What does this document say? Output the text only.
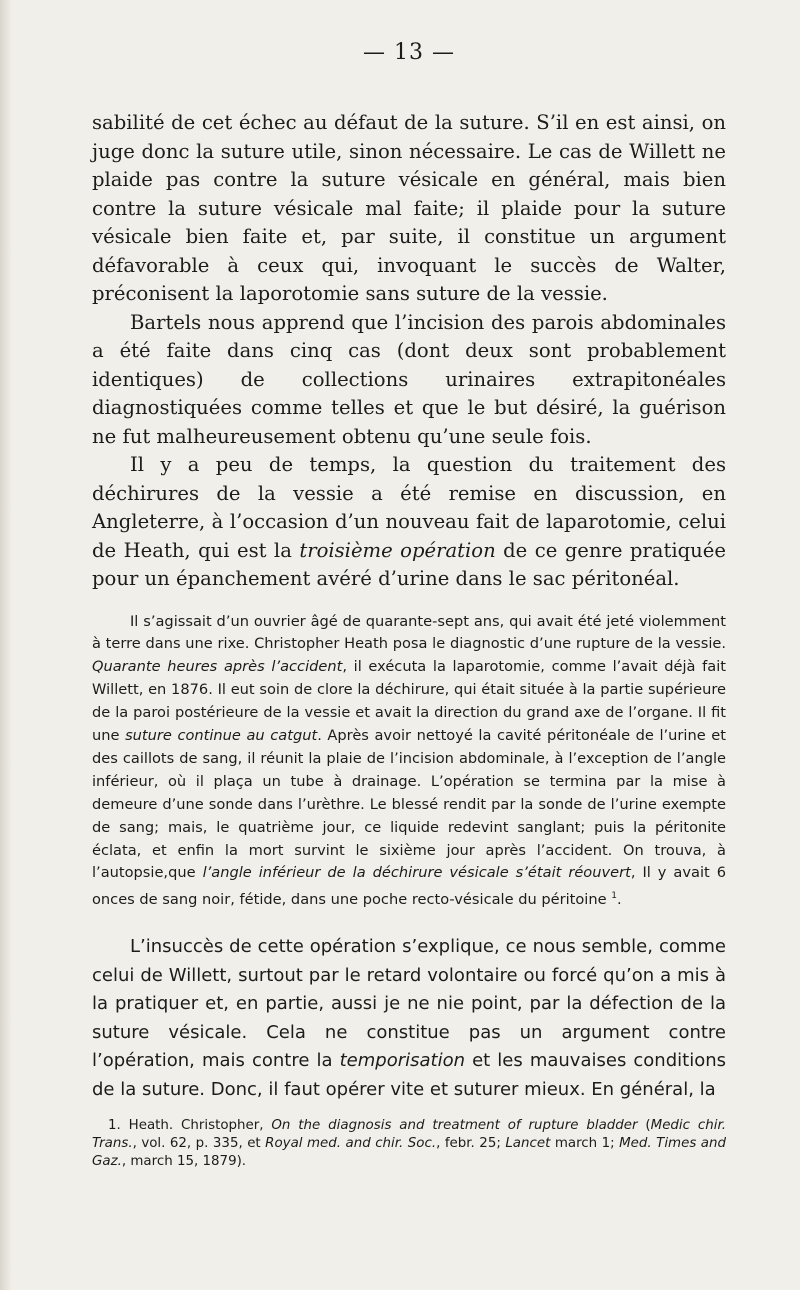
— 13 —

sabilité de cet échec au défaut de la suture. S’il en est ainsi, on juge donc la suture utile, sinon nécessaire. Le cas de Willett ne plaide pas contre la suture vésicale en général, mais bien contre la suture vésicale mal faite; il plaide pour la suture vésicale bien faite et, par suite, il constitue un argument défavorable à ceux qui, invoquant le succès de Walter, préconisent la laporotomie sans suture de la vessie.

Bartels nous apprend que l’incision des parois abdominales a été faite dans cinq cas (dont deux sont probablement identiques) de collections urinaires extrapitonéales diagnostiquées comme telles et que le but désiré, la guérison ne fut malheureusement obtenu qu’une seule fois.

Il y a peu de temps, la question du traitement des déchirures de la vessie a été remise en discussion, en Angleterre, à l’occasion d’un nouveau fait de laparotomie, celui de Heath, qui est la troisième opération de ce genre pratiquée pour un épanchement avéré d’urine dans le sac péritonéal.

Il s’agissait d’un ouvrier âgé de quarante-sept ans, qui avait été jeté violemment à terre dans une rixe. Christopher Heath posa le diagnostic d’une rupture de la vessie. Quarante heures après l’accident, il exécuta la laparotomie, comme l’avait déjà fait Willett, en 1876. Il eut soin de clore la déchirure, qui était située à la partie supérieure de la paroi postérieure de la vessie et avait la direction du grand axe de l’organe. Il fit une suture continue au catgut. Après avoir nettoyé la cavité péritonéale de l’urine et des caillots de sang, il réunit la plaie de l’incision abdominale, à l’exception de l’angle inférieur, où il plaça un tube à drainage. L’opération se termina par la mise à demeure d’une sonde dans l’urèthre. Le blessé rendit par la sonde de l’urine exempte de sang; mais, le quatrième jour, ce liquide redevint sanglant; puis la péritonite éclata, et enfin la mort survint le sixième jour après l’accident. On trouva, à l’autopsie,que l’angle inférieur de la déchirure vésicale s’était réouvert, Il y avait 6 onces de sang noir, fétide, dans une poche recto-vésicale du péritoine $^1$.

L’insuccès de cette opération s’explique, ce nous semble, comme celui de Willett, surtout par le retard volontaire ou forcé qu’on a mis à la pratiquer et, en partie, aussi je ne nie point, par la défection de la suture vésicale. Cela ne constitue pas un argument contre l’opération, mais contre la temporisation et les mauvaises conditions de la suture. Donc, il faut opérer vite et suturer mieux. En général, la

1. Heath. Christopher, On the diagnosis and treatment of rupture bladder (Medic chir. Trans., vol. 62, p. 335, et Royal med. and chir. Soc., febr. 25; Lancet march 1; Med. Times and Gaz., march 15, 1879).
